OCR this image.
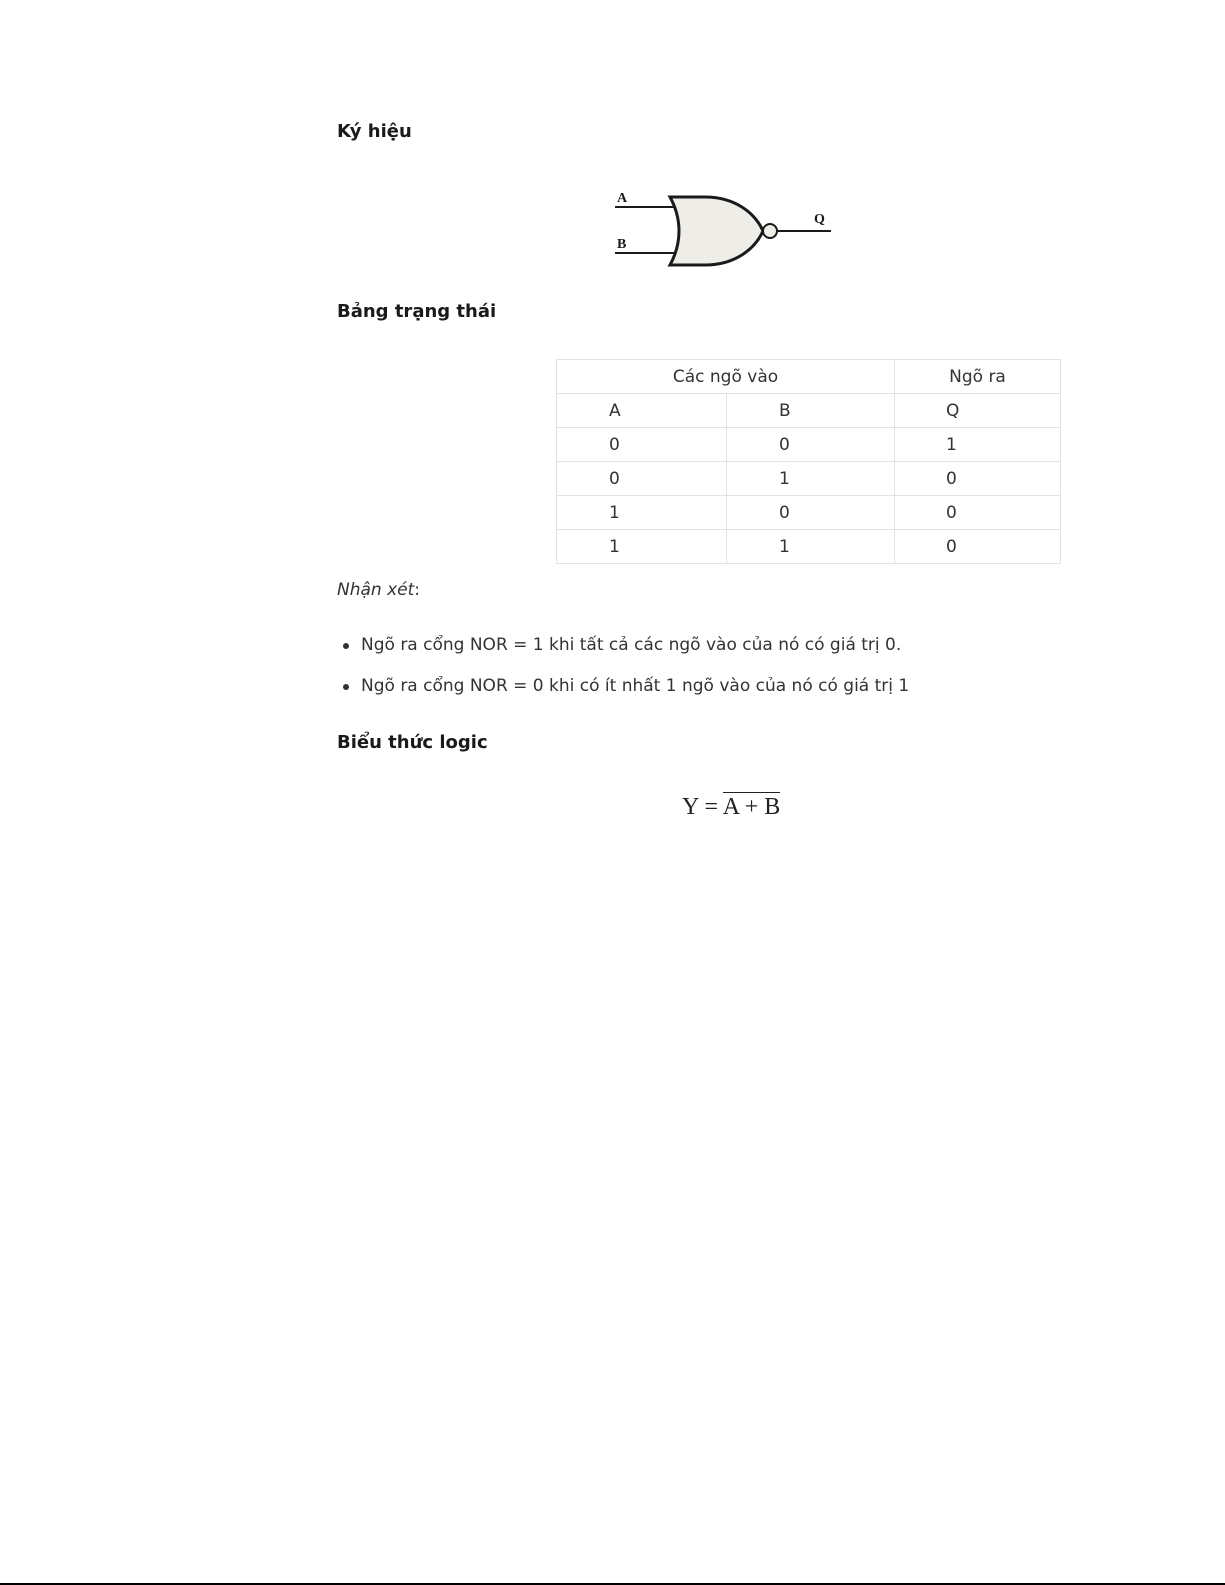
Ký hiệu
A
B
Q
Bảng trạng thái
Các ngõ vào		Ngõ ra
A	B	Q
0	0	1
0	1	0
1	0	0
1	1	0
Nhận xét:
Ngõ ra cổng NOR = 1 khi tất cả các ngõ vào của nó có giá trị 0.
Ngõ ra cổng NOR = 0 khi có ít nhất 1 ngõ vào của nó có giá trị 1
Biểu thức logic
Y = A + B
